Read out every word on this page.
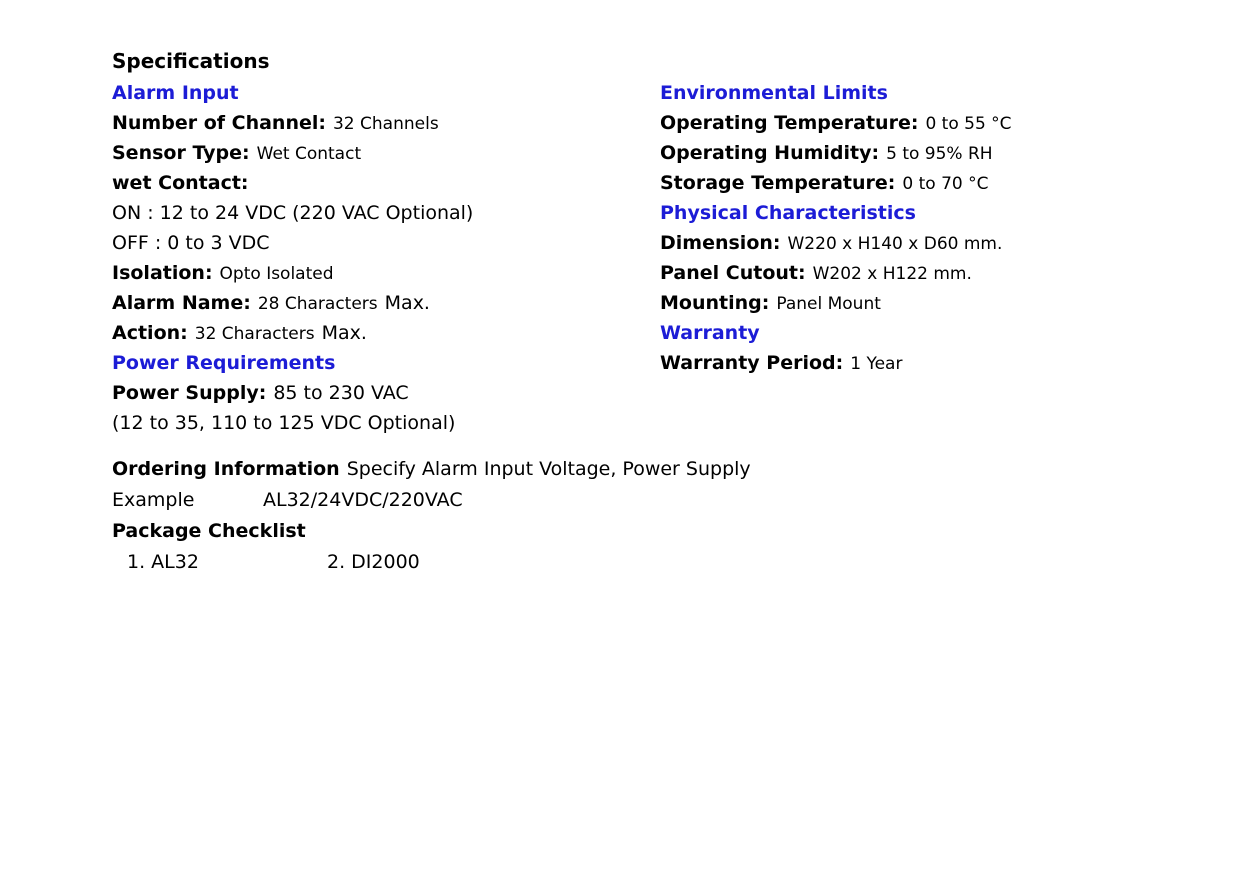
Specifications
Alarm Input
Number of Channel: 32 Channels
Sensor Type: Wet Contact
wet Contact:
ON : 12 to 24 VDC (220 VAC Optional)
OFF : 0 to 3 VDC
Isolation: Opto Isolated
Alarm Name: 28 Characters Max.
Action: 32 Characters Max.
Power Requirements
Power Supply: 85 to 230 VAC
(12 to 35, 110 to 125 VDC Optional)
Environmental Limits
Operating Temperature: 0 to 55 °C
Operating Humidity: 5 to 95% RH
Storage Temperature: 0 to 70 °C
Physical Characteristics
Dimension: W220 x H140 x D60 mm.
Panel Cutout: W202 x H122 mm.
Mounting: Panel Mount
Warranty
Warranty Period: 1 Year
Ordering Information Specify Alarm Input Voltage, Power Supply
Example	AL32/24VDC/220VAC
Package Checklist
1. AL32	2. DI2000
